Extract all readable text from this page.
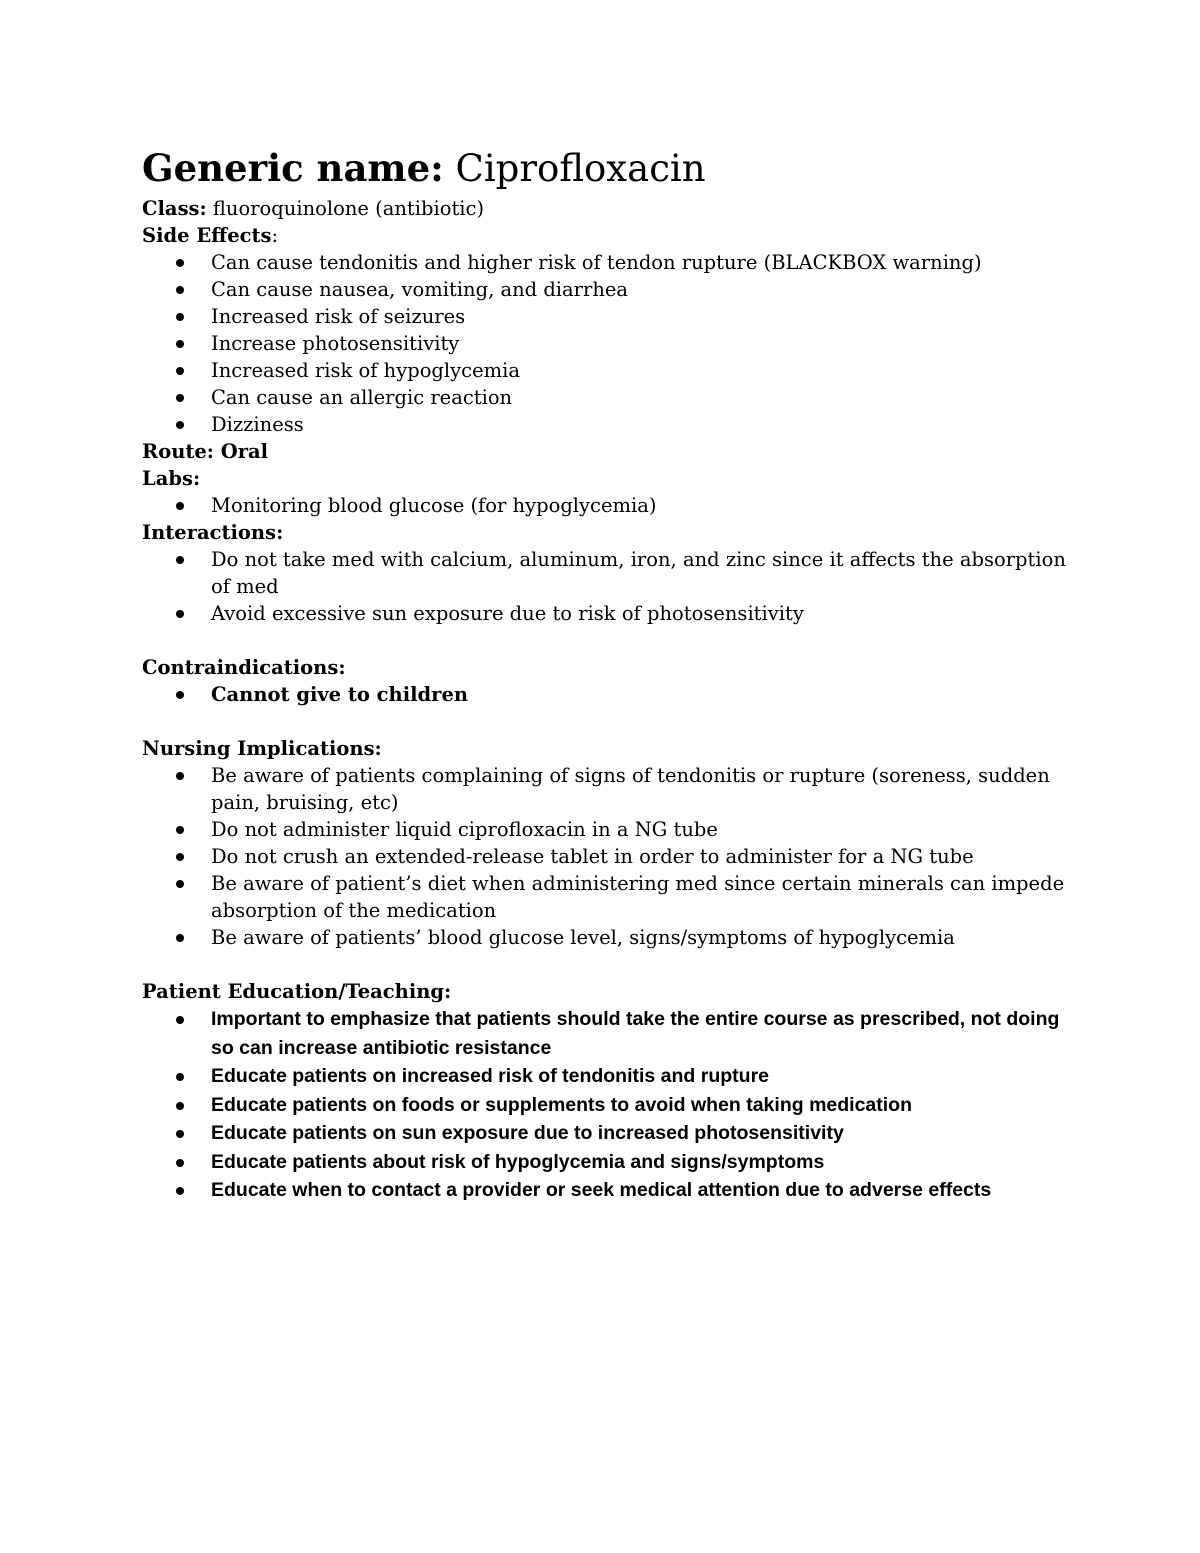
Generic name: Ciprofloxacin

Class: fluoroquinolone (antibiotic)

Side Effects:

Can cause tendonitis and higher risk of tendon rupture (BLACKBOX warning)
Can cause nausea, vomiting, and diarrhea
Increased risk of seizures
Increase photosensitivity
Increased risk of hypoglycemia
Can cause an allergic reaction
Dizziness

Route: Oral

Labs:

Monitoring blood glucose (for hypoglycemia)

Interactions:

Do not take med with calcium, aluminum, iron, and zinc since it affects the absorption of med
Avoid excessive sun exposure due to risk of photosensitivity

Contraindications:

Cannot give to children

Nursing Implications:

Be aware of patients complaining of signs of tendonitis or rupture (soreness, sudden pain, bruising, etc)
Do not administer liquid ciprofloxacin in a NG tube
Do not crush an extended-release tablet in order to administer for a NG tube
Be aware of patient’s diet when administering med since certain minerals can impede absorption of the medication
Be aware of patients’ blood glucose level, signs/symptoms of hypoglycemia

Patient Education/Teaching:

Important to emphasize that patients should take the entire course as prescribed, not doing so can increase antibiotic resistance
Educate patients on increased risk of tendonitis and rupture
Educate patients on foods or supplements to avoid when taking medication
Educate patients on sun exposure due to increased photosensitivity
Educate patients about risk of hypoglycemia and signs/symptoms
Educate when to contact a provider or seek medical attention due to adverse effects
